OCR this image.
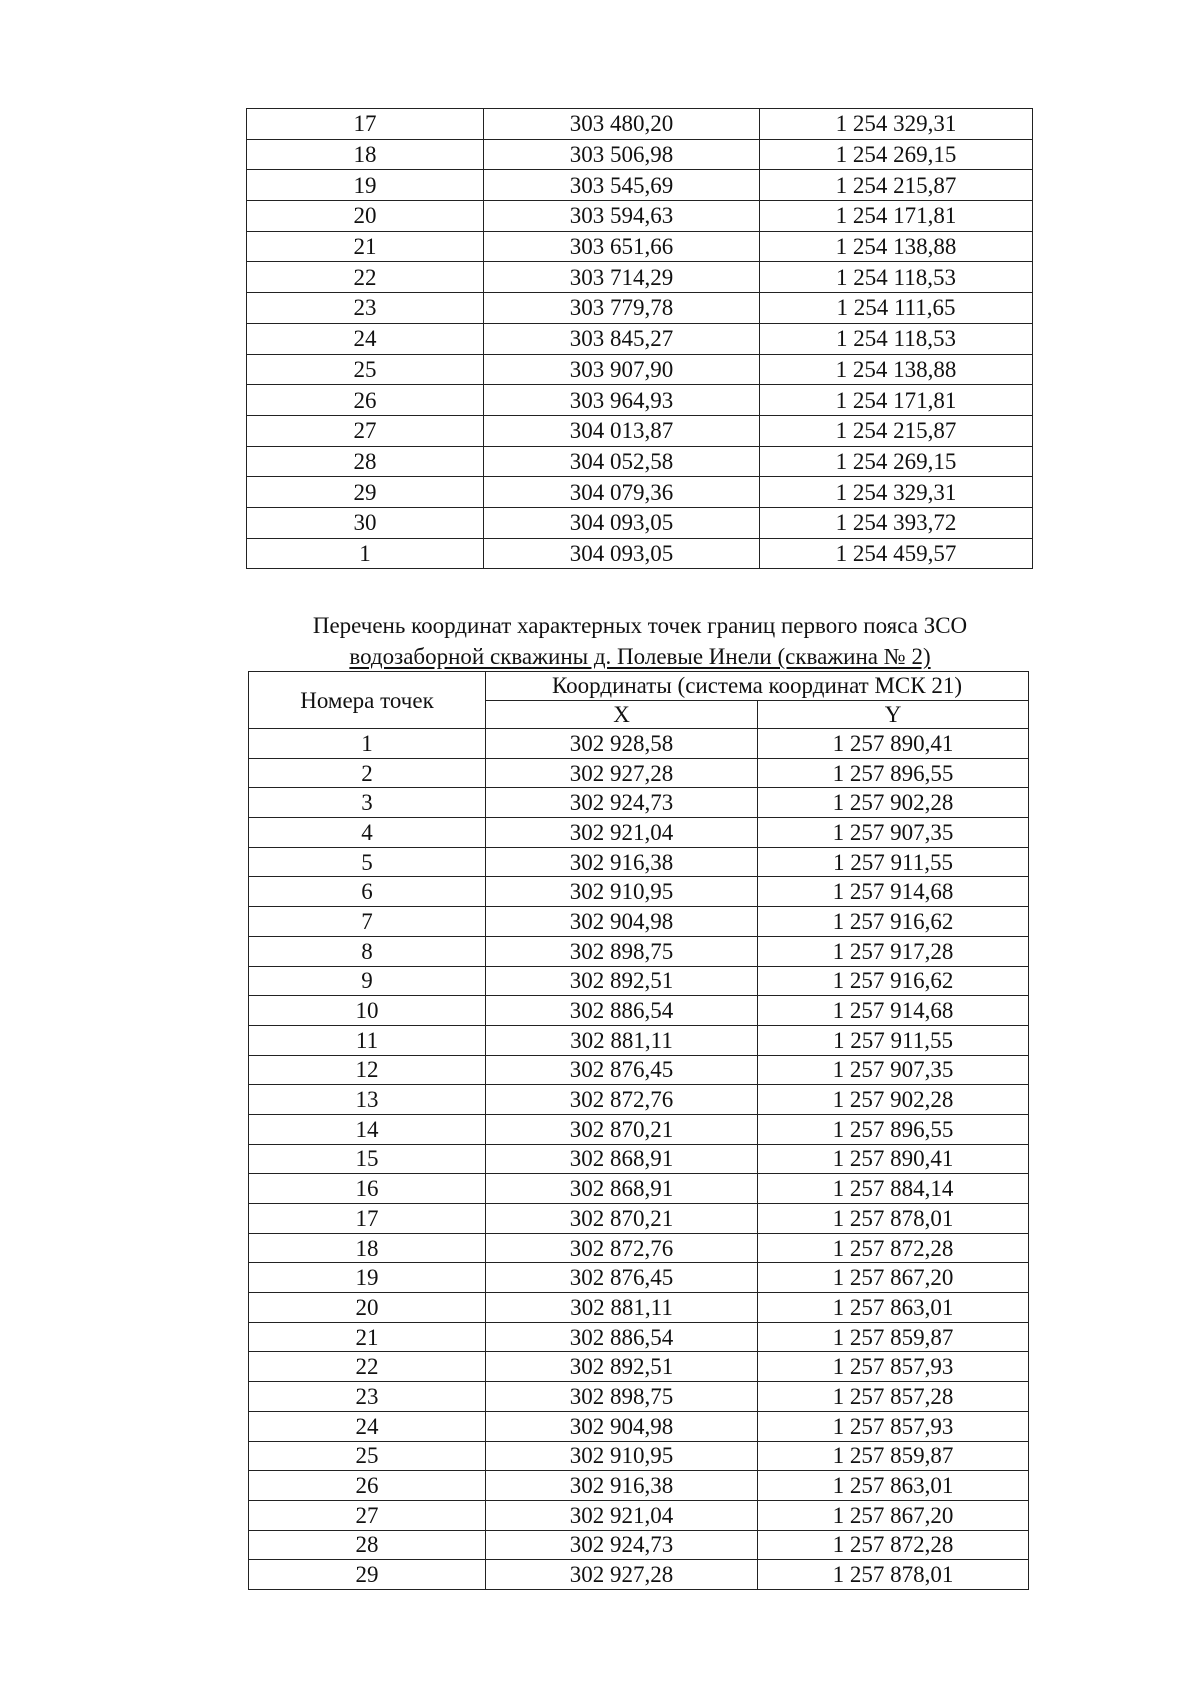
17	303 480,20	1 254 329,31
18	303 506,98	1 254 269,15
19	303 545,69	1 254 215,87
20	303 594,63	1 254 171,81
21	303 651,66	1 254 138,88
22	303 714,29	1 254 118,53
23	303 779,78	1 254 111,65
24	303 845,27	1 254 118,53
25	303 907,90	1 254 138,88
26	303 964,93	1 254 171,81
27	304 013,87	1 254 215,87
28	304 052,58	1 254 269,15
29	304 079,36	1 254 329,31
30	304 093,05	1 254 393,72
1	304 093,05	1 254 459,57
Перечень координат характерных точек границ первого пояса ЗСО
водозаборной скважины д. Полевые Инели (скважина № 2)
Номера точек	Координаты (система координат МСК 21)	
	X	Y
1	302 928,58	1 257 890,41
2	302 927,28	1 257 896,55
3	302 924,73	1 257 902,28
4	302 921,04	1 257 907,35
5	302 916,38	1 257 911,55
6	302 910,95	1 257 914,68
7	302 904,98	1 257 916,62
8	302 898,75	1 257 917,28
9	302 892,51	1 257 916,62
10	302 886,54	1 257 914,68
11	302 881,11	1 257 911,55
12	302 876,45	1 257 907,35
13	302 872,76	1 257 902,28
14	302 870,21	1 257 896,55
15	302 868,91	1 257 890,41
16	302 868,91	1 257 884,14
17	302 870,21	1 257 878,01
18	302 872,76	1 257 872,28
19	302 876,45	1 257 867,20
20	302 881,11	1 257 863,01
21	302 886,54	1 257 859,87
22	302 892,51	1 257 857,93
23	302 898,75	1 257 857,28
24	302 904,98	1 257 857,93
25	302 910,95	1 257 859,87
26	302 916,38	1 257 863,01
27	302 921,04	1 257 867,20
28	302 924,73	1 257 872,28
29	302 927,28	1 257 878,01
